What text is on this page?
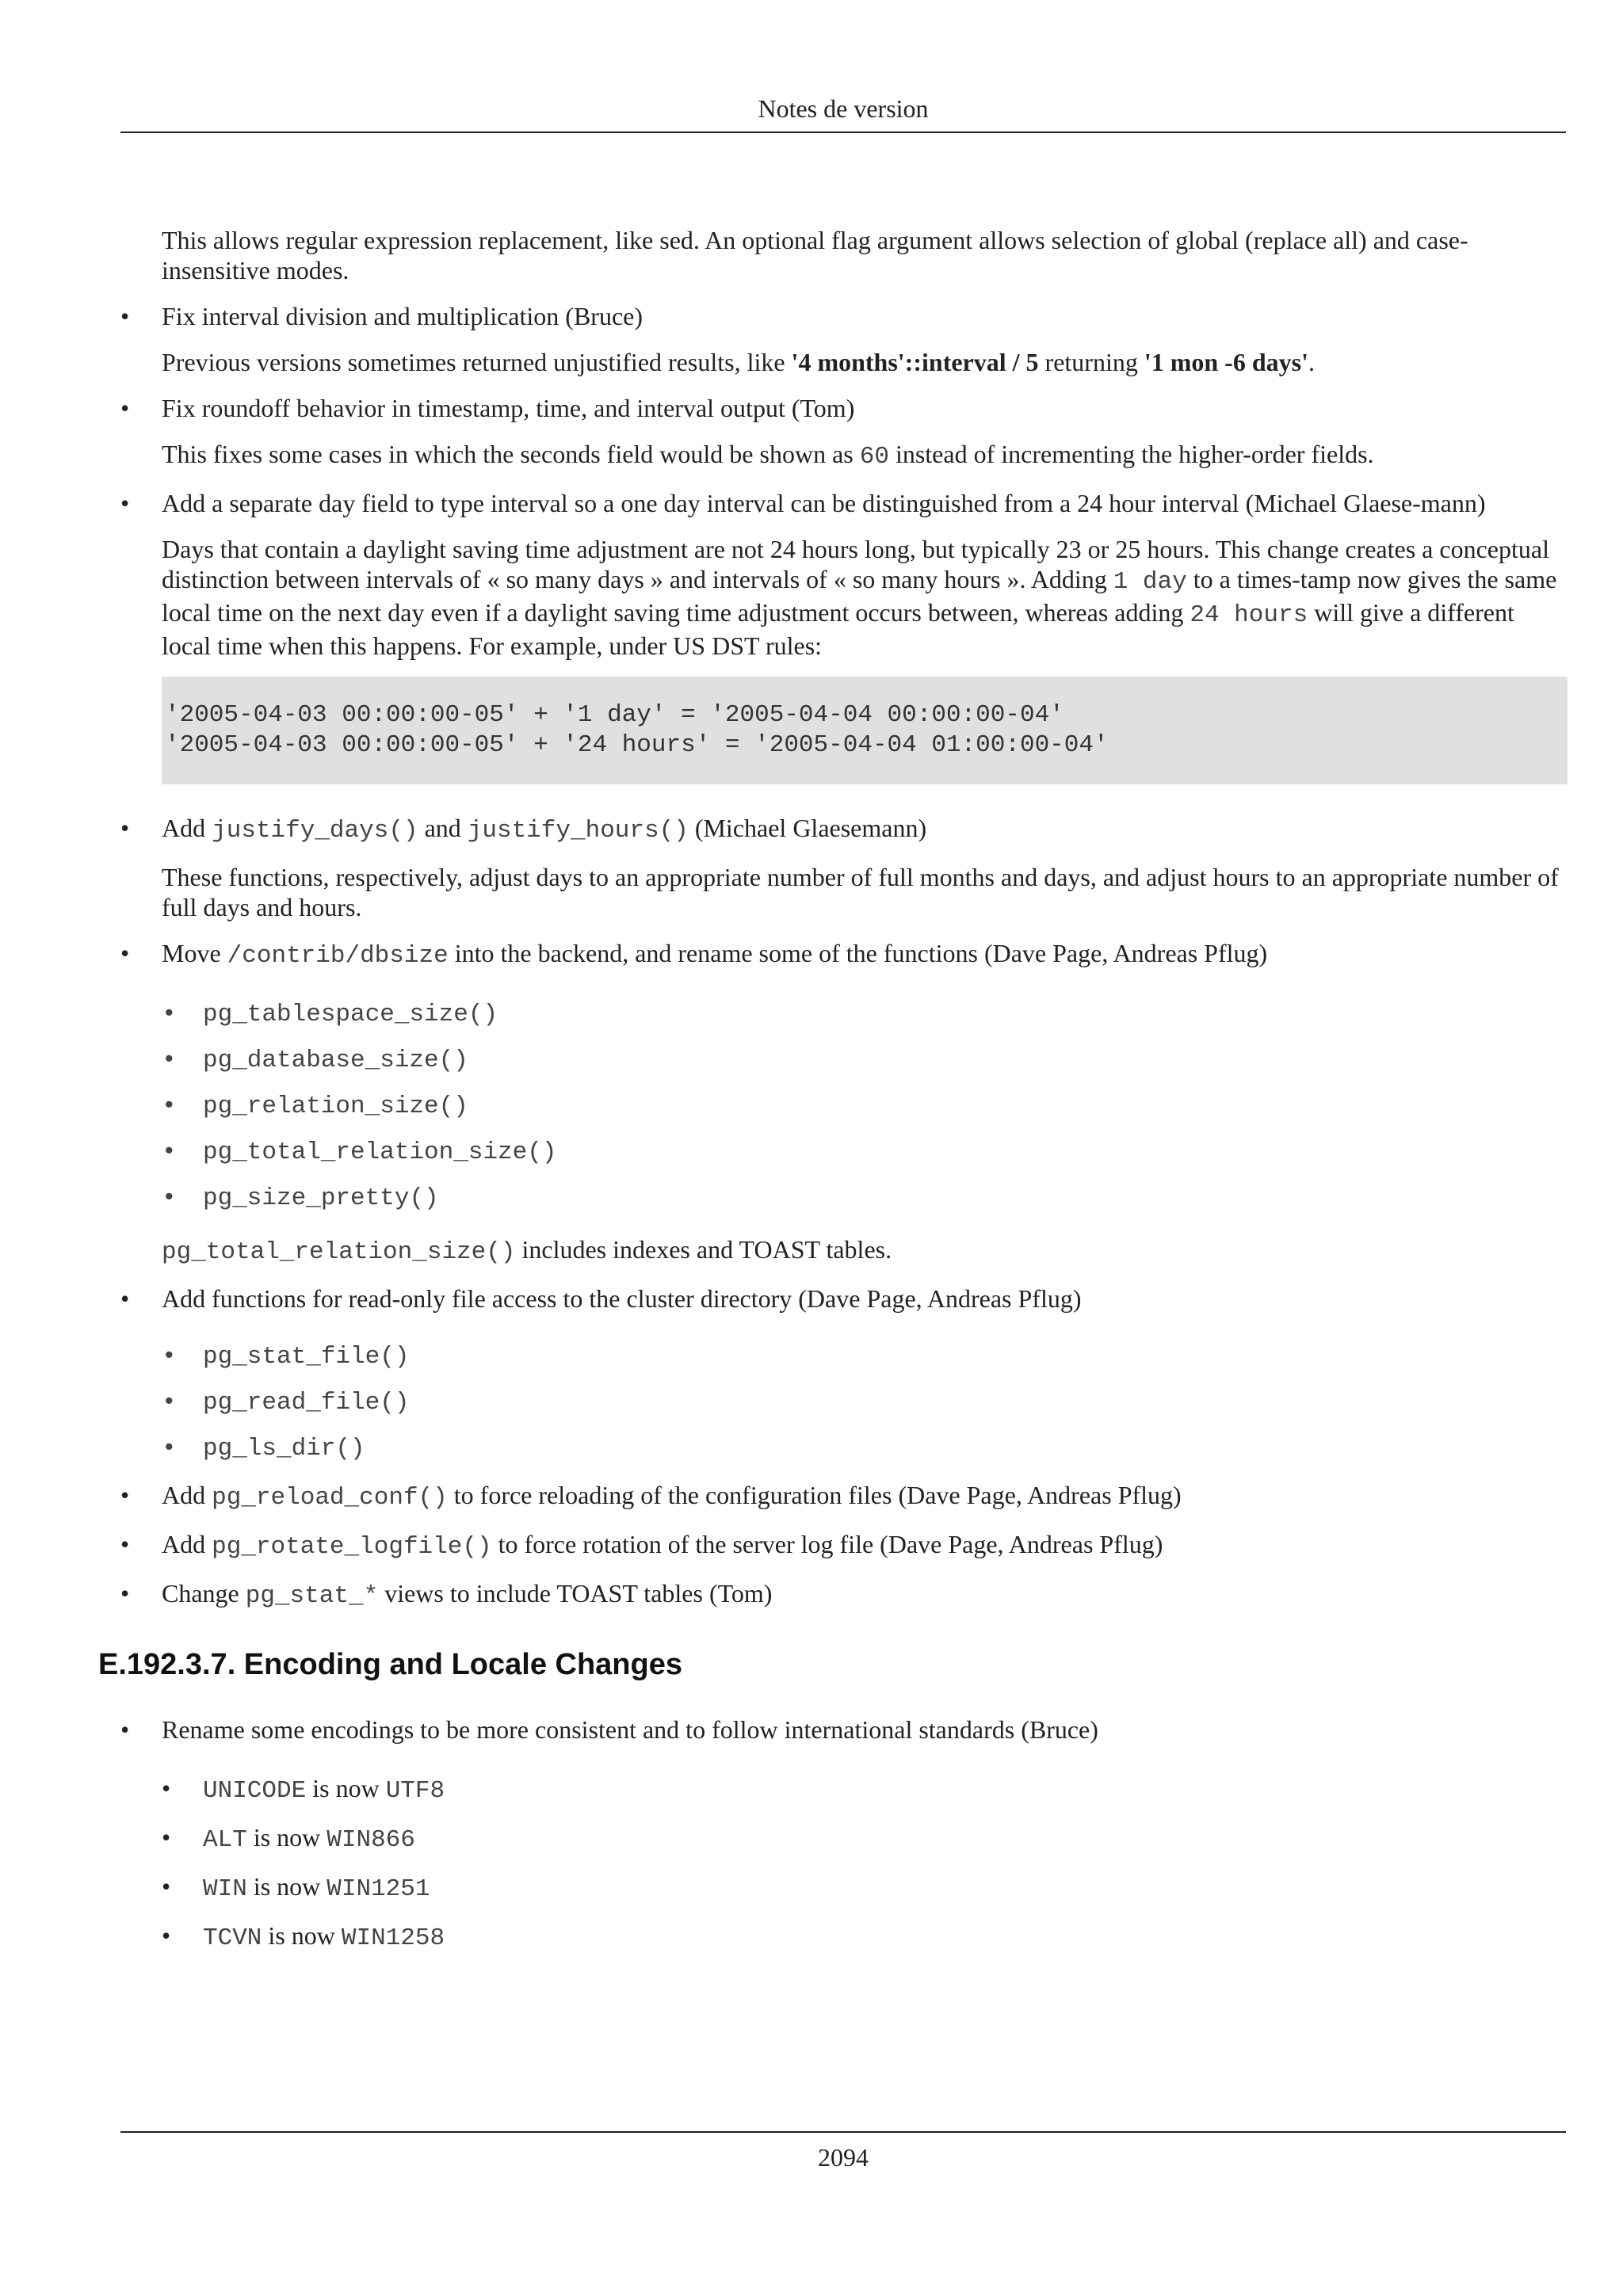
Notes de version

This allows regular expression replacement, like sed. An optional flag argument allows selection of global (replace all) and case-insensitive modes.

• Fix interval division and multiplication (Bruce)

Previous versions sometimes returned unjustified results, like '4 months'::interval / 5 returning '1 mon -6 days'.

• Fix roundoff behavior in timestamp, time, and interval output (Tom)

This fixes some cases in which the seconds field would be shown as 60 instead of incrementing the higher-order fields.

• Add a separate day field to type interval so a one day interval can be distinguished from a 24 hour interval (Michael Glaese-mann)

Days that contain a daylight saving time adjustment are not 24 hours long, but typically 23 or 25 hours. This change creates a conceptual distinction between intervals of « so many days » and intervals of « so many hours ». Adding 1 day to a times-tamp now gives the same local time on the next day even if a daylight saving time adjustment occurs between, whereas adding 24 hours will give a different local time when this happens. For example, under US DST rules:

'2005-04-03 00:00:00-05' + '1 day' = '2005-04-04 00:00:00-04'
'2005-04-03 00:00:00-05' + '24 hours' = '2005-04-04 01:00:00-04'

• Add justify_days() and justify_hours() (Michael Glaesemann)

These functions, respectively, adjust days to an appropriate number of full months and days, and adjust hours to an appropriate number of full days and hours.

• Move /contrib/dbsize into the backend, and rename some of the functions (Dave Page, Andreas Pflug)

• pg_tablespace_size()
• pg_database_size()
• pg_relation_size()
• pg_total_relation_size()
• pg_size_pretty()

pg_total_relation_size() includes indexes and TOAST tables.

• Add functions for read-only file access to the cluster directory (Dave Page, Andreas Pflug)

• pg_stat_file()
• pg_read_file()
• pg_ls_dir()

• Add pg_reload_conf() to force reloading of the configuration files (Dave Page, Andreas Pflug)

• Add pg_rotate_logfile() to force rotation of the server log file (Dave Page, Andreas Pflug)

• Change pg_stat_* views to include TOAST tables (Tom)

E.192.3.7. Encoding and Locale Changes

• Rename some encodings to be more consistent and to follow international standards (Bruce)

• UNICODE is now UTF8
• ALT is now WIN866
• WIN is now WIN1251
• TCVN is now WIN1258
2094
